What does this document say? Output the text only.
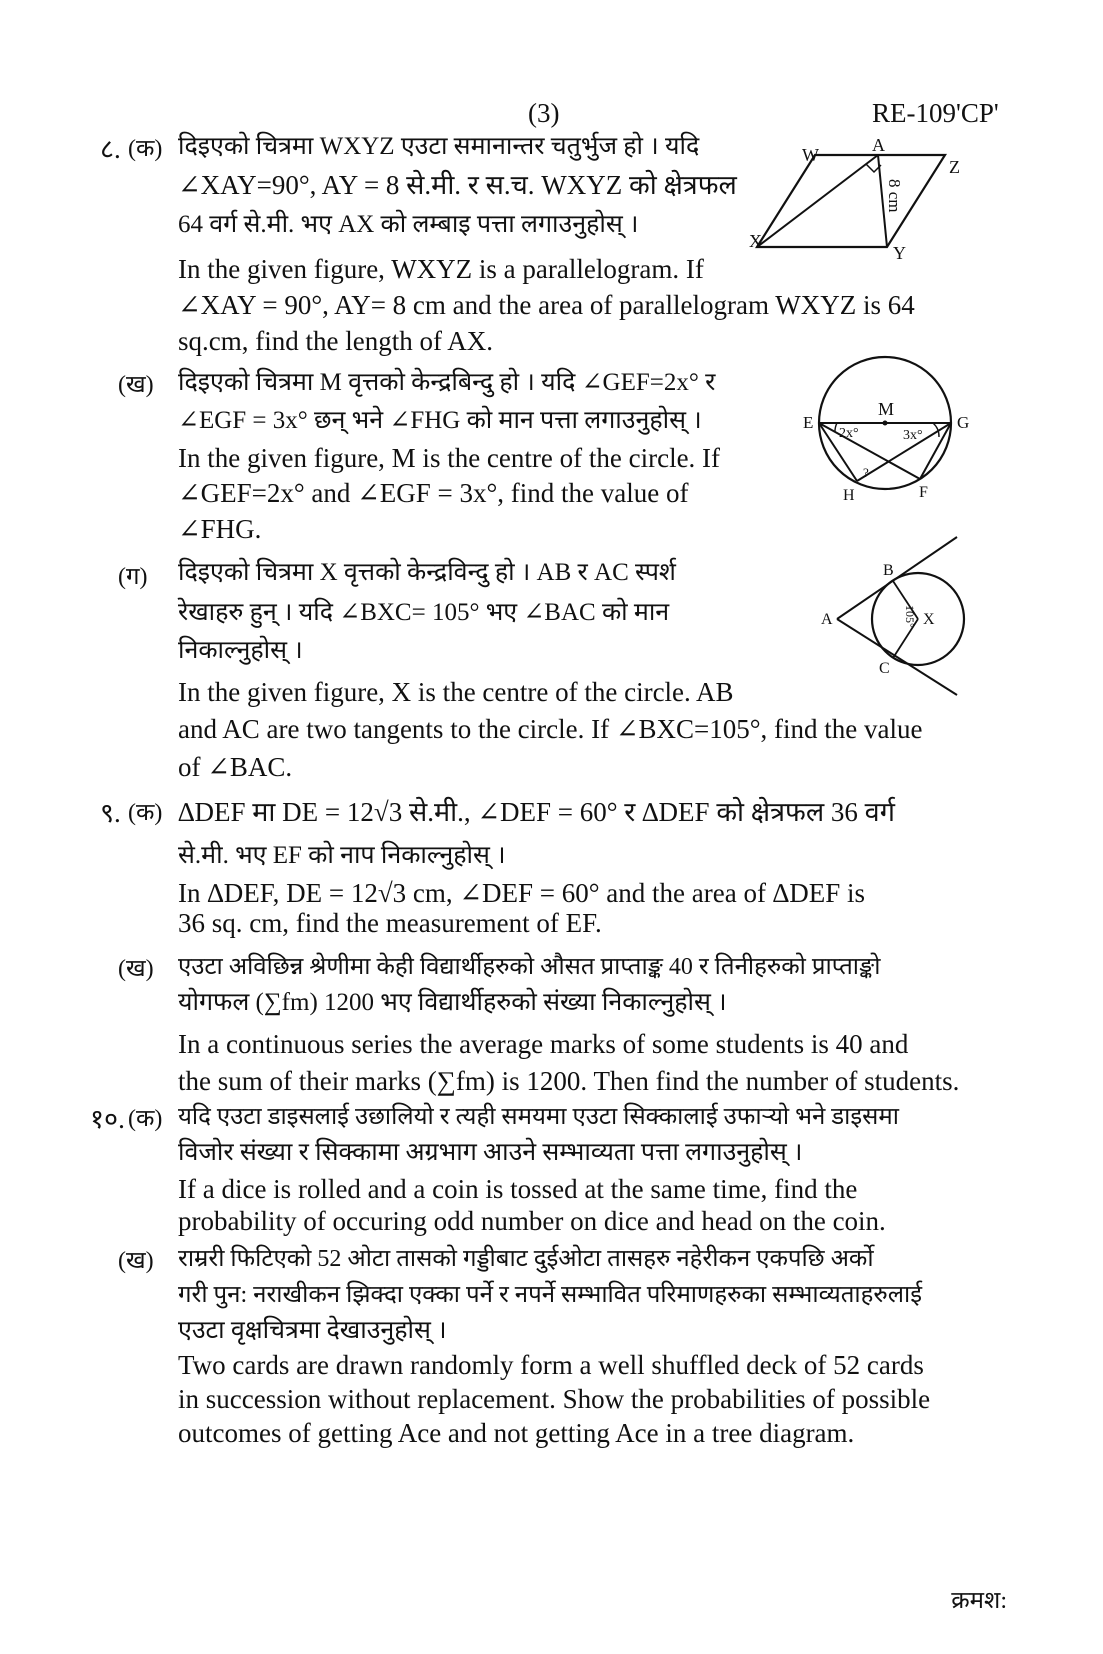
(3)	RE-109'CP'
८. (क) दिइएको चित्रमा WXYZ एउटा समानान्तर चतुर्भुज हो । यदि
∠XAY=90°, AY = 8 से.मी. र स.च. WXYZ को क्षेत्रफल
64 वर्ग से.मी. भए AX को लम्बाइ पत्ता लगाउनुहोस् ।
In the given figure, WXYZ is a parallelogram. If
∠XAY = 90°, AY= 8 cm and the area of parallelogram WXYZ is 64
sq.cm, find the length of AX.
W	A
Z
X
Y
8 cm
(ख) दिइएको चित्रमा M वृत्तको केन्द्रबिन्दु हो । यदि ∠GEF=2x° र
∠EGF = 3x° छन् भने ∠FHG को मान पत्ता लगाउनुहोस् ।
In the given figure, M is the centre of the circle. If
∠GEF=2x° and ∠EGF = 3x°, find the value of
∠FHG.
M
E	G
2x°	3x°
H	F
?
(ग) दिइएको चित्रमा X वृत्तको केन्द्रविन्दु हो । AB र AC स्पर्श
रेखाहरु हुन् । यदि ∠BXC= 105° भए ∠BAC को मान
निकाल्नुहोस् ।
In the given figure, X is the centre of the circle. AB
and AC are two tangents to the circle. If ∠BXC=105°, find the value
of ∠BAC.
B
A	X
C
105°
९. (क) ∆DEF मा DE = 12√3 से.मी., ∠DEF = 60° र ∆DEF को क्षेत्रफल 36 वर्ग
से.मी. भए EF को नाप निकाल्नुहोस् ।
In ∆DEF, DE = 12√3 cm, ∠DEF = 60° and the area of ∆DEF is
36 sq. cm, find the measurement of EF.
(ख) एउटा अविछिन्न श्रेणीमा केही विद्यार्थीहरुको औसत प्राप्ताङ्क 40 र तिनीहरुको प्राप्ताङ्को
योगफल (∑fm) 1200 भए विद्यार्थीहरुको संख्या निकाल्नुहोस् ।
In a continuous series the average marks of some students is 40 and
the sum of their marks (∑fm) is 1200. Then find the number of students.
१०. (क) यदि एउटा डाइसलाई उछालियो र त्यही समयमा एउटा सिक्कालाई उफाऱ्यो भने डाइसमा
विजोर संख्या र सिक्कामा अग्रभाग आउने सम्भाव्यता पत्ता लगाउनुहोस् ।
If a dice is rolled and a coin is tossed at the same time, find the
probability of occuring odd number on dice and head on the coin.
(ख) राम्ररी फिटिएको 52 ओटा तासको गड्डीबाट दुईओटा तासहरु नहेरीकन एकपछि अर्को
गरी पुन: नराखीकन झिक्दा एक्का पर्ने र नपर्ने सम्भावित परिमाणहरुका सम्भाव्यताहरुलाई
एउटा वृक्षचित्रमा देखाउनुहोस् ।
Two cards are drawn randomly form a well shuffled deck of 52 cards
in succession without replacement. Show the probabilities of possible
outcomes of getting Ace and not getting Ace in a tree diagram.
क्रमश:
